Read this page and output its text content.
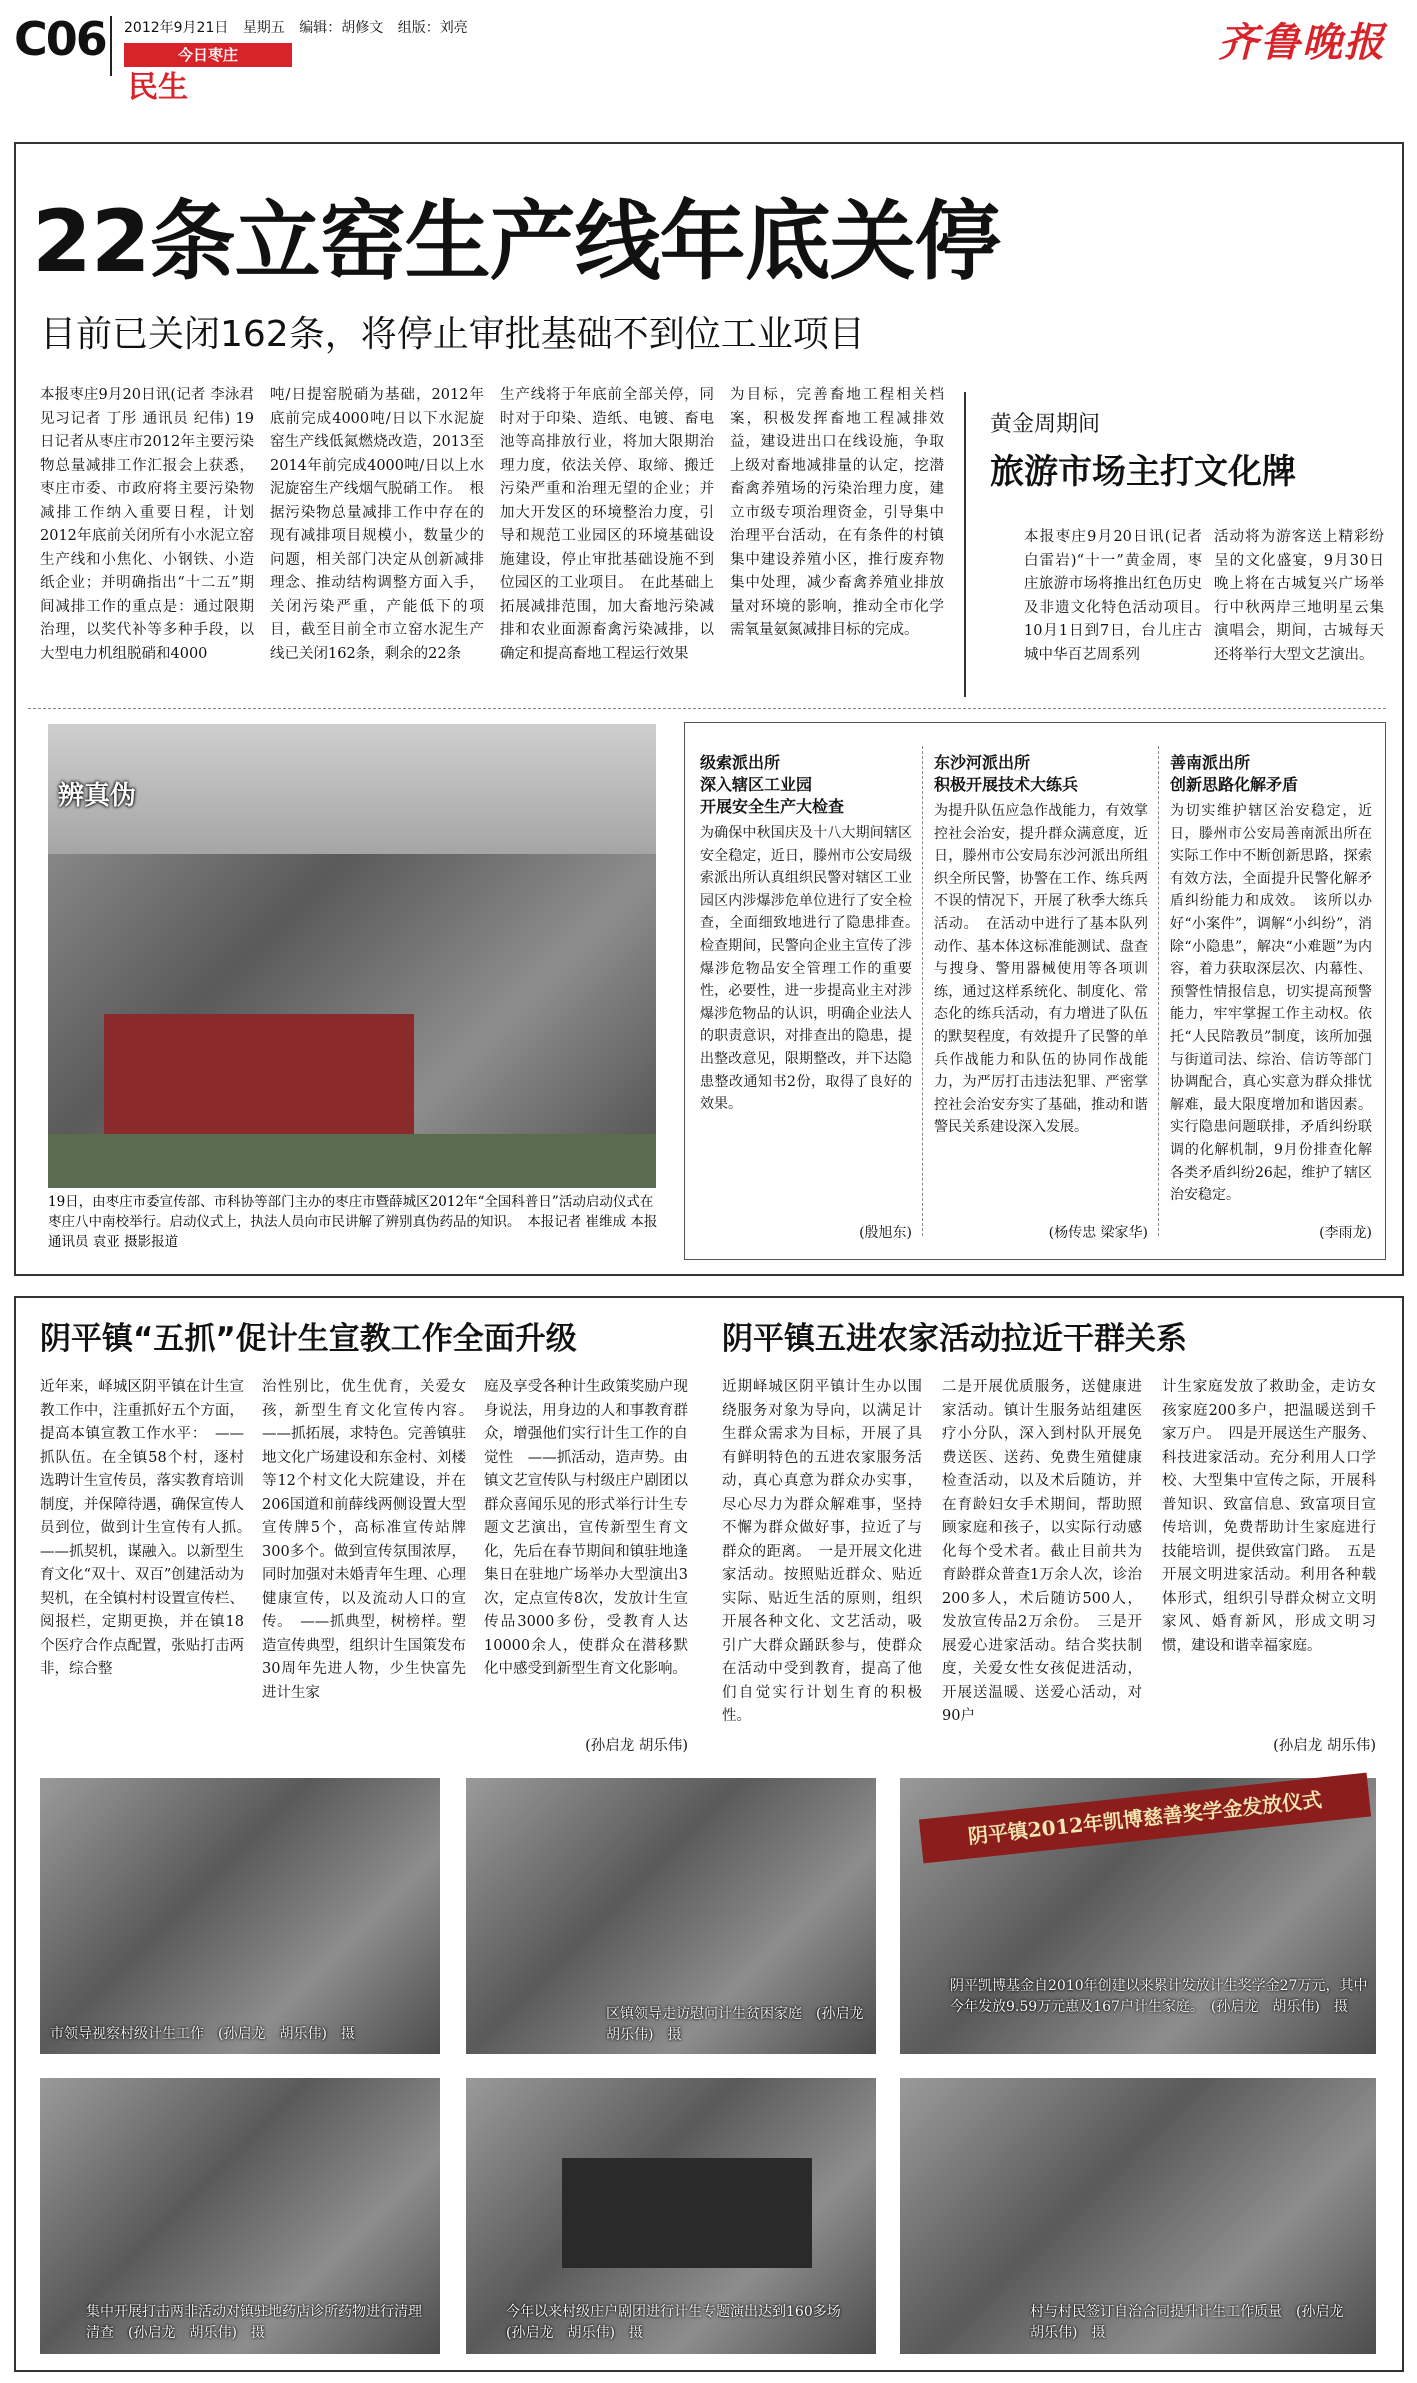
C06 2012年9月21日 星期五 编辑：胡修文 组版：刘亮
今日枣庄
民生
齐鲁晚报
22条立窑生产线年底关停
目前已关闭162条，将停止审批基础不到位工业项目
本报枣庄9月20日讯(记者 李泳君 见习记者 丁彤 通讯员 纪伟) 19日记者从枣庄市2012年主要污染物总量减排工作汇报会上获悉，枣庄市委、市政府将主要污染物减排工作纳入重要日程，计划2012年底前关闭所有小水泥立窑生产线和小焦化、小钢铁、小造纸企业；并明确指出“十二五”期间减排工作的重点是：通过限期治理，以奖代补等多种手段，以大型电力机组脱硝和4000
吨/日提窑脱硝为基础，2012年底前完成4000吨/日以下水泥旋窑生产线低氮燃烧改造，2013至2014年前完成4000吨/日以上水泥旋窑生产线烟气脱硝工作。　根据污染物总量减排工作中存在的现有减排项目规模小，数量少的问题，相关部门决定从创新减排理念、推动结构调整方面入手，关闭污染严重，产能低下的项目，截至目前全市立窑水泥生产线已关闭162条，剩余的22条
生产线将于年底前全部关停，同时对于印染、造纸、电镀、畜电池等高排放行业，将加大限期治理力度，依法关停、取缔、搬迁污染严重和治理无望的企业；并加大开发区的环境整治力度，引导和规范工业园区的环境基础设施建设，停止审批基础设施不到位园区的工业项目。　在此基础上拓展减排范围，加大畜地污染减排和农业面源畜禽污染减排，以确定和提高畜地工程运行效果
为目标，完善畜地工程相关档案，积极发挥畜地工程减排效益，建设进出口在线设施，争取上级对畜地减排量的认定，挖潜畜禽养殖场的污染治理力度，建立市级专项治理资金，引导集中治理平台活动，在有条件的村镇集中建设养殖小区，推行废弃物集中处理，减少畜禽养殖业排放量对环境的影响，推动全市化学需氧量氨氮减排目标的完成。
黄金周期间
旅游市场主打文化牌
本报枣庄9月20日讯(记者 白雷岩)“十一”黄金周，枣庄旅游市场将推出红色历史及非遗文化特色活动项目。　10月1日到7日，台儿庄古城中华百艺周系列
活动将为游客送上精彩纷呈的文化盛宴，9月30日晚上将在古城复兴广场举行中秋两岸三地明星云集演唱会，期间，古城每天还将举行大型文艺演出。
辨真伪
19日，由枣庄市委宣传部、市科协等部门主办的枣庄市暨薛城区2012年“全国科普日”活动启动仪式在枣庄八中南校举行。启动仪式上，执法人员向市民讲解了辨别真伪药品的知识。　本报记者 崔维成 本报通讯员 袁亚 摄影报道
级索派出所
深入辖区工业园
开展安全生产大检查
为确保中秋国庆及十八大期间辖区安全稳定，近日，滕州市公安局级索派出所认真组织民警对辖区工业园区内涉爆涉危单位进行了安全检查，全面细致地进行了隐患排查。　检查期间，民警向企业主宣传了涉爆涉危物品安全管理工作的重要性，必要性，进一步提高业主对涉爆涉危物品的认识，明确企业法人的职责意识，对排查出的隐患，提出整改意见，限期整改，并下达隐患整改通知书2份，取得了良好的效果。
(殷旭东)
东沙河派出所
积极开展技术大练兵
为提升队伍应急作战能力，有效掌控社会治安，提升群众满意度，近日，滕州市公安局东沙河派出所组织全所民警，协警在工作、练兵两不误的情况下，开展了秋季大练兵活动。　在活动中进行了基本队列动作、基本体这标准能测试、盘查与搜身、警用器械使用等各项训练，通过这样系统化、制度化、常态化的练兵活动，有力增进了队伍的默契程度，有效提升了民警的单兵作战能力和队伍的协同作战能力，为严厉打击违法犯罪、严密掌控社会治安夯实了基础，推动和谐警民关系建设深入发展。
(杨传忠 梁家华)
善南派出所
创新思路化解矛盾
为切实维护辖区治安稳定，近日，滕州市公安局善南派出所在实际工作中不断创新思路，探索有效方法，全面提升民警化解矛盾纠纷能力和成效。　该所以办好“小案件”，调解“小纠纷”，消除“小隐患”，解决“小难题”为内容，着力获取深层次、内幕性、预警性情报信息，切实提高预警能力，牢牢掌握工作主动权。依托“人民陪教员”制度，该所加强与街道司法、综治、信访等部门协调配合，真心实意为群众排忧解难，最大限度增加和谐因素。实行隐患问题联排，矛盾纠纷联调的化解机制，9月份排查化解各类矛盾纠纷26起，维护了辖区治安稳定。
(李雨龙)
阴平镇“五抓”促计生宣教工作全面升级	阴平镇五进农家活动拉近干群关系
近年来，峄城区阴平镇在计生宣教工作中，注重抓好五个方面，提高本镇宣教工作水平：　——抓队伍。在全镇58个村，逐村选聘计生宣传员，落实教育培训制度，并保障待遇，确保宣传人员到位，做到计生宣传有人抓。　——抓契机，谋融入。以新型生育文化“双十、双百”创建活动为契机，在全镇村村设置宣传栏、阅报栏，定期更换，并在镇18个医疗合作点配置，张贴打击两非，综合整
治性别比，优生优育，关爱女孩，新型生育文化宣传内容。　——抓拓展，求特色。完善镇驻地文化广场建设和东金村、刘楼等12个村文化大院建设，并在206国道和前薛线两侧设置大型宣传牌5个，高标准宣传站牌300多个。做到宣传氛围浓厚，同时加强对未婚青年生理、心理健康宣传，以及流动人口的宣传。　——抓典型，树榜样。塑造宣传典型，组织计生国策发布30周年先进人物，少生快富先进计生家
庭及享受各种计生政策奖励户现身说法，用身边的人和事教育群众，增强他们实行计生工作的自觉性　——抓活动，造声势。由镇文艺宣传队与村级庄户剧团以群众喜闻乐见的形式举行计生专题文艺演出，宣传新型生育文化，先后在春节期间和镇驻地逢集日在驻地广场举办大型演出3次，定点宣传8次，发放计生宣传品3000多份，受教育人达10000余人，使群众在潜移默化中感受到新型生育文化影响。
(孙启龙 胡乐伟)
近期峄城区阴平镇计生办以围绕服务对象为导向，以满足计生群众需求为目标，开展了具有鲜明特色的五进农家服务活动，真心真意为群众办实事，尽心尽力为群众解难事，坚持不懈为群众做好事，拉近了与群众的距离。　一是开展文化进家活动。按照贴近群众、贴近实际、贴近生活的原则，组织开展各种文化、文艺活动，吸引广大群众踊跃参与，使群众在活动中受到教育，提高了他们自觉实行计划生育的积极性。
二是开展优质服务，送健康进家活动。镇计生服务站组建医疗小分队，深入到村队开展免费送医、送药、免费生殖健康检查活动，以及术后随访，并在育龄妇女手术期间，帮助照顾家庭和孩子，以实际行动感化每个受术者。截止目前共为育龄群众普查1万余人次，诊治200多人，术后随访500人，发放宣传品2万余份。　三是开展爱心进家活动。结合奖扶制度，关爱女性女孩促进活动，开展送温暖、送爱心活动，对90户
计生家庭发放了救助金，走访女孩家庭200多户，把温暖送到千家万户。　四是开展送生产服务、科技进家活动。充分利用人口学校、大型集中宣传之际，开展科普知识、致富信息、致富项目宣传培训，免费帮助计生家庭进行技能培训，提供致富门路。　五是开展文明进家活动。利用各种载体形式，组织引导群众树立文明家风、婚育新风，形成文明习惯，建设和谐幸福家庭。
(孙启龙 胡乐伟)
市领导视察村级计生工作　(孙启龙　胡乐伟)　摄
区镇领导走访慰问计生贫困家庭　(孙启龙　胡乐伟)　摄
阴平镇2012年凯博慈善奖学金发放仪式
阴平凯博基金自2010年创建以来累计发放计生奖学金27万元，其中今年发放9.59万元惠及167户计生家庭。　(孙启龙　胡乐伟)　摄
集中开展打击两非活动对镇驻地药店诊所药物进行清理清查　(孙启龙　胡乐伟)　摄
今年以来村级庄户剧团进行计生专题演出达到160多场　(孙启龙　胡乐伟)　摄
村与村民签订自治合同提升计生工作质量　(孙启龙　胡乐伟)　摄
